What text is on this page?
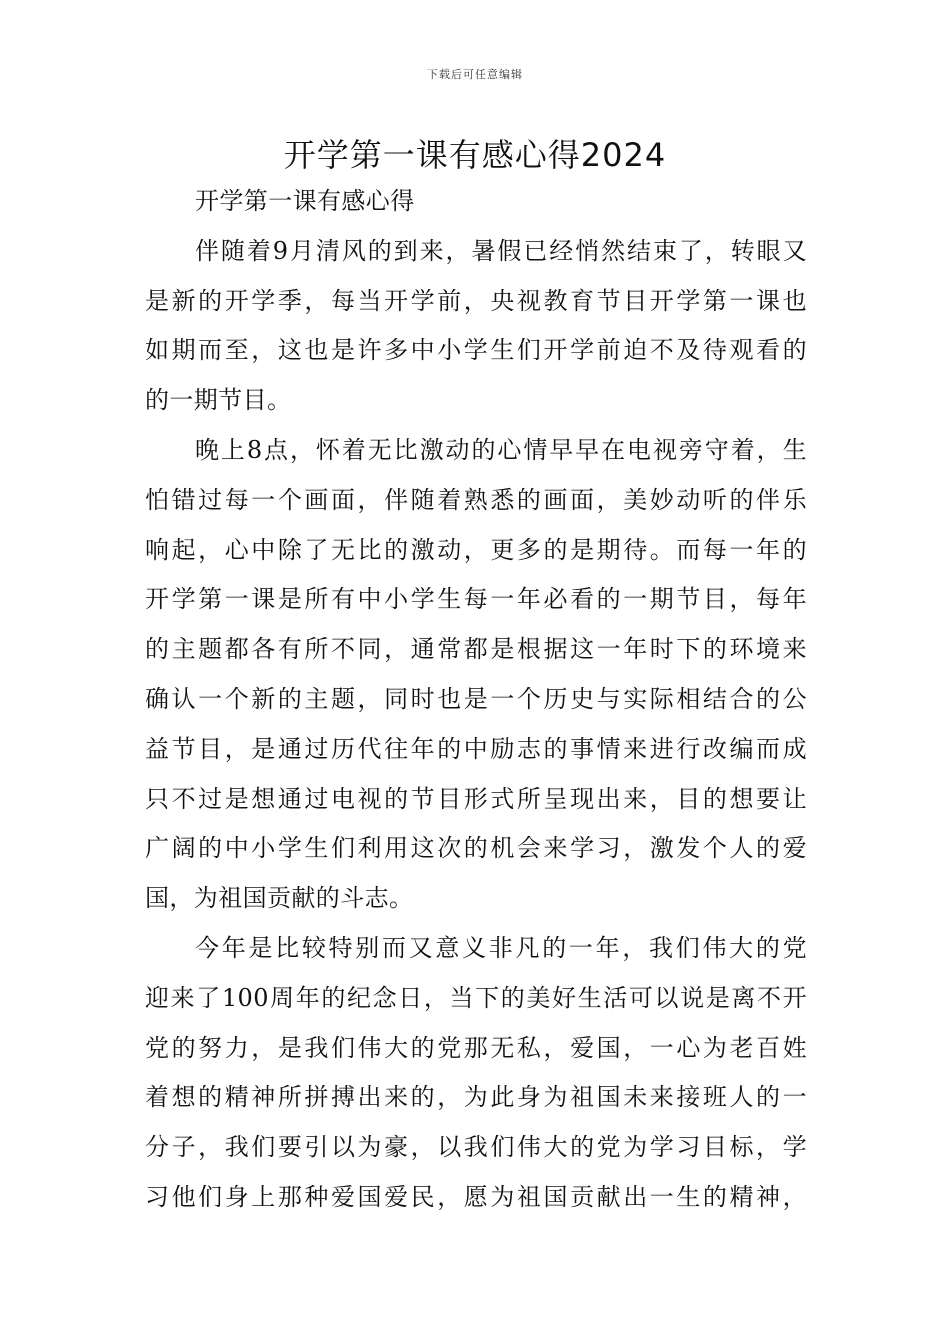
下载后可任意编辑
开学第一课有感心得2024
开学第一课有感心得
伴随着9月清风的到来，暑假已经悄然结束了，转眼又
是新的开学季，每当开学前，央视教育节目开学第一课也
如期而至，这也是许多中小学生们开学前迫不及待观看的
的一期节目。
晚上8点，怀着无比激动的心情早早在电视旁守着，生
怕错过每一个画面，伴随着熟悉的画面，美妙动听的伴乐
响起，心中除了无比的激动，更多的是期待。而每一年的
开学第一课是所有中小学生每一年必看的一期节目，每年
的主题都各有所不同，通常都是根据这一年时下的环境来
确认一个新的主题，同时也是一个历史与实际相结合的公
益节目，是通过历代往年的中励志的事情来进行改编而成
只不过是想通过电视的节目形式所呈现出来，目的想要让
广阔的中小学生们利用这次的机会来学习，激发个人的爱
国，为祖国贡献的斗志。
今年是比较特别而又意义非凡的一年，我们伟大的党
迎来了100周年的纪念日，当下的美好生活可以说是离不开
党的努力，是我们伟大的党那无私，爱国，一心为老百姓
着想的精神所拼搏出来的，为此身为祖国未来接班人的一
分子，我们要引以为豪，以我们伟大的党为学习目标，学
习他们身上那种爱国爱民，愿为祖国贡献出一生的精神，
